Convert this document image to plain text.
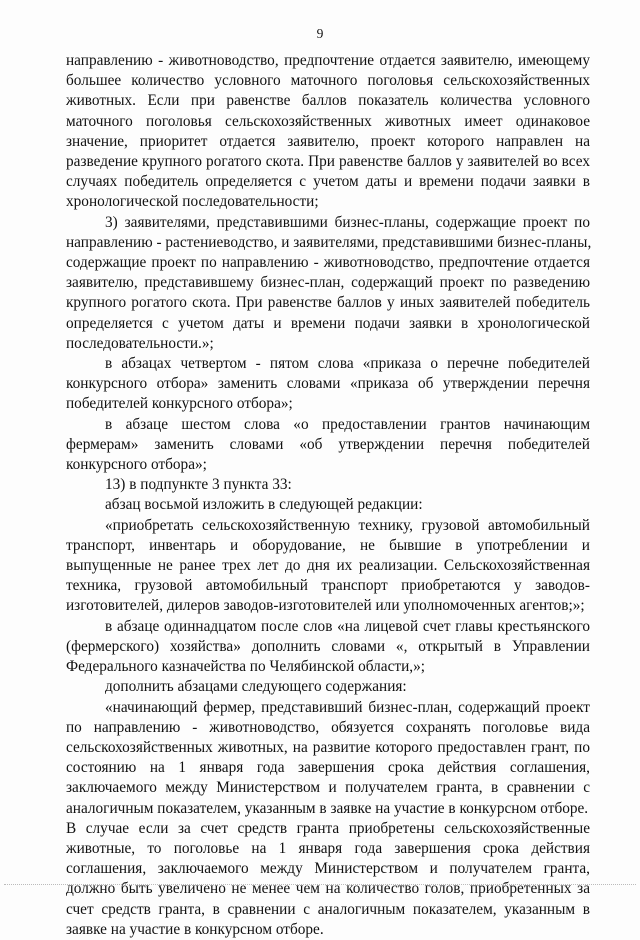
9
направлению - животноводство, предпочтение отдается заявителю, имеющему
большее количество условного маточного поголовья сельскохозяйственных
животных. Если при равенстве баллов показатель количества условного
маточного поголовья сельскохозяйственных животных имеет одинаковое
значение, приоритет отдается заявителю, проект которого направлен на
разведение крупного рогатого скота. При равенстве баллов у заявителей во всех
случаях победитель определяется с учетом даты и времени подачи заявки в
хронологической последовательности;
3) заявителями, представившими бизнес-планы, содержащие проект по
направлению - растениеводство, и заявителями, представившими бизнес-планы,
содержащие проект по направлению - животноводство, предпочтение отдается
заявителю, представившему бизнес-план, содержащий проект по разведению
крупного рогатого скота. При равенстве баллов у иных заявителей победитель
определяется с учетом даты и времени подачи заявки в хронологической
последовательности.»;
в абзацах четвертом - пятом слова «приказа о перечне победителей
конкурсного отбора» заменить словами «приказа об утверждении перечня
победителей конкурсного отбора»;
в абзаце шестом слова «о предоставлении грантов начинающим
фермерам» заменить словами «об утверждении перечня победителей
конкурсного отбора»;
13) в подпункте 3 пункта 33:
абзац восьмой изложить в следующей редакции:
«приобретать сельскохозяйственную технику, грузовой автомобильный
транспорт, инвентарь и оборудование, не бывшие в употреблении и
выпущенные не ранее трех лет до дня их реализации. Сельскохозяйственная
техника, грузовой автомобильный транспорт приобретаются у заводов-
изготовителей, дилеров заводов-изготовителей или уполномоченных агентов;»;
в абзаце одиннадцатом после слов «на лицевой счет главы крестьянского
(фермерского) хозяйства» дополнить словами «, открытый в Управлении
Федерального казначейства по Челябинской области,»;
дополнить абзацами следующего содержания:
«начинающий фермер, представивший бизнес-план, содержащий проект
по направлению - животноводство, обязуется сохранять поголовье вида
сельскохозяйственных животных, на развитие которого предоставлен грант, по
состоянию на 1 января года завершения срока действия соглашения,
заключаемого между Министерством и получателем гранта, в сравнении с
аналогичным показателем, указанным в заявке на участие в конкурсном отборе.
В случае если за счет средств гранта приобретены сельскохозяйственные
животные, то поголовье на 1 января года завершения срока действия
соглашения, заключаемого между Министерством и получателем гранта,
должно быть увеличено не менее чем на количество голов, приобретенных за
счет средств гранта, в сравнении с аналогичным показателем, указанным в
заявке на участие в конкурсном отборе.
